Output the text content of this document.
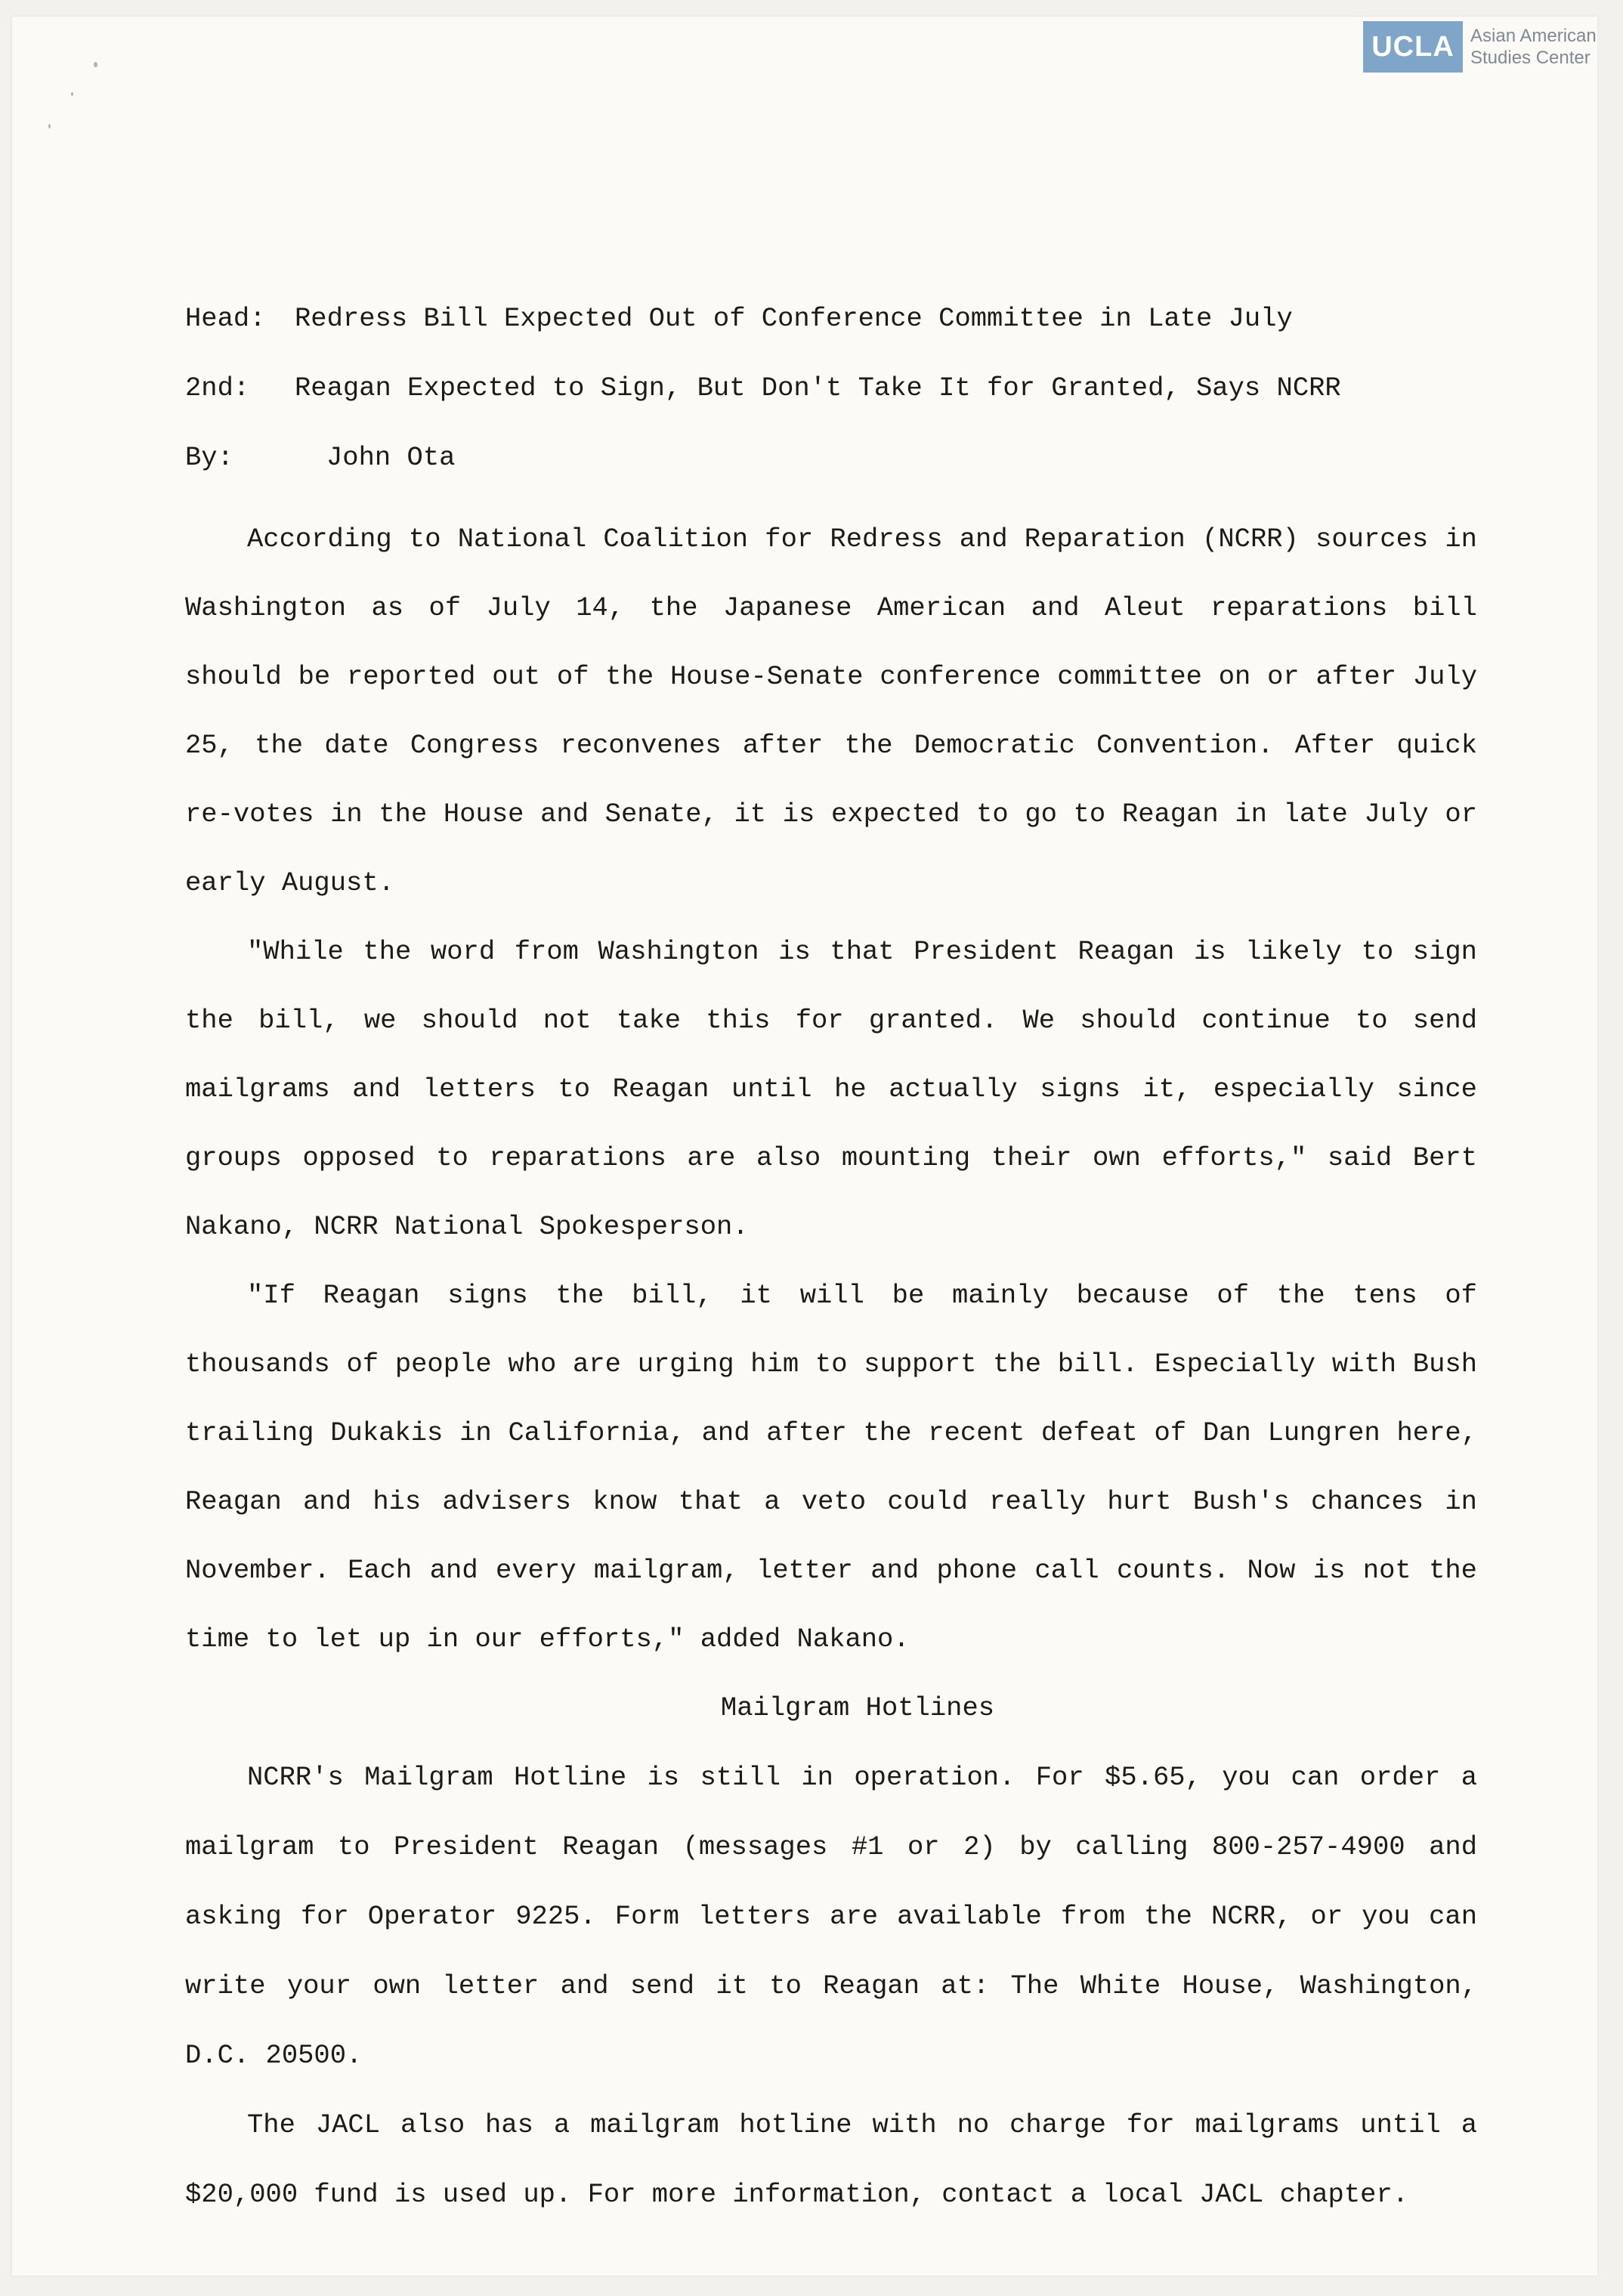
UCLA Asian American
Studies Center
Head:	Redress Bill Expected Out of Conference Committee in Late July
2nd:	Reagan Expected to Sign, But Don't Take It for Granted, Says NCRR
By:	John Ota

According to National Coalition for Redress and Reparation (NCRR) sources in Washington as of July 14, the Japanese American and Aleut reparations bill should be reported out of the House-Senate conference committee on or after July 25, the date Congress reconvenes after the Democratic Convention. After quick re-votes in the House and Senate, it is expected to go to Reagan in late July or early August.

"While the word from Washington is that President Reagan is likely to sign the bill, we should not take this for granted. We should continue to send mailgrams and letters to Reagan until he actually signs it, especially since groups opposed to reparations are also mounting their own efforts," said Bert Nakano, NCRR National Spokesperson.

"If Reagan signs the bill, it will be mainly because of the tens of thousands of people who are urging him to support the bill. Especially with Bush trailing Dukakis in California, and after the recent defeat of Dan Lungren here, Reagan and his advisers know that a veto could really hurt Bush's chances in November. Each and every mailgram, letter and phone call counts. Now is not the time to let up in our efforts," added Nakano.

Mailgram Hotlines

NCRR's Mailgram Hotline is still in operation. For $5.65, you can order a mailgram to President Reagan (messages #1 or 2) by calling 800-257-4900 and asking for Operator 9225. Form letters are available from the NCRR, or you can write your own letter and send it to Reagan at: The White House, Washington, D.C. 20500.

The JACL also has a mailgram hotline with no charge for mailgrams until a $20,000 fund is used up. For more information, contact a local JACL chapter.
